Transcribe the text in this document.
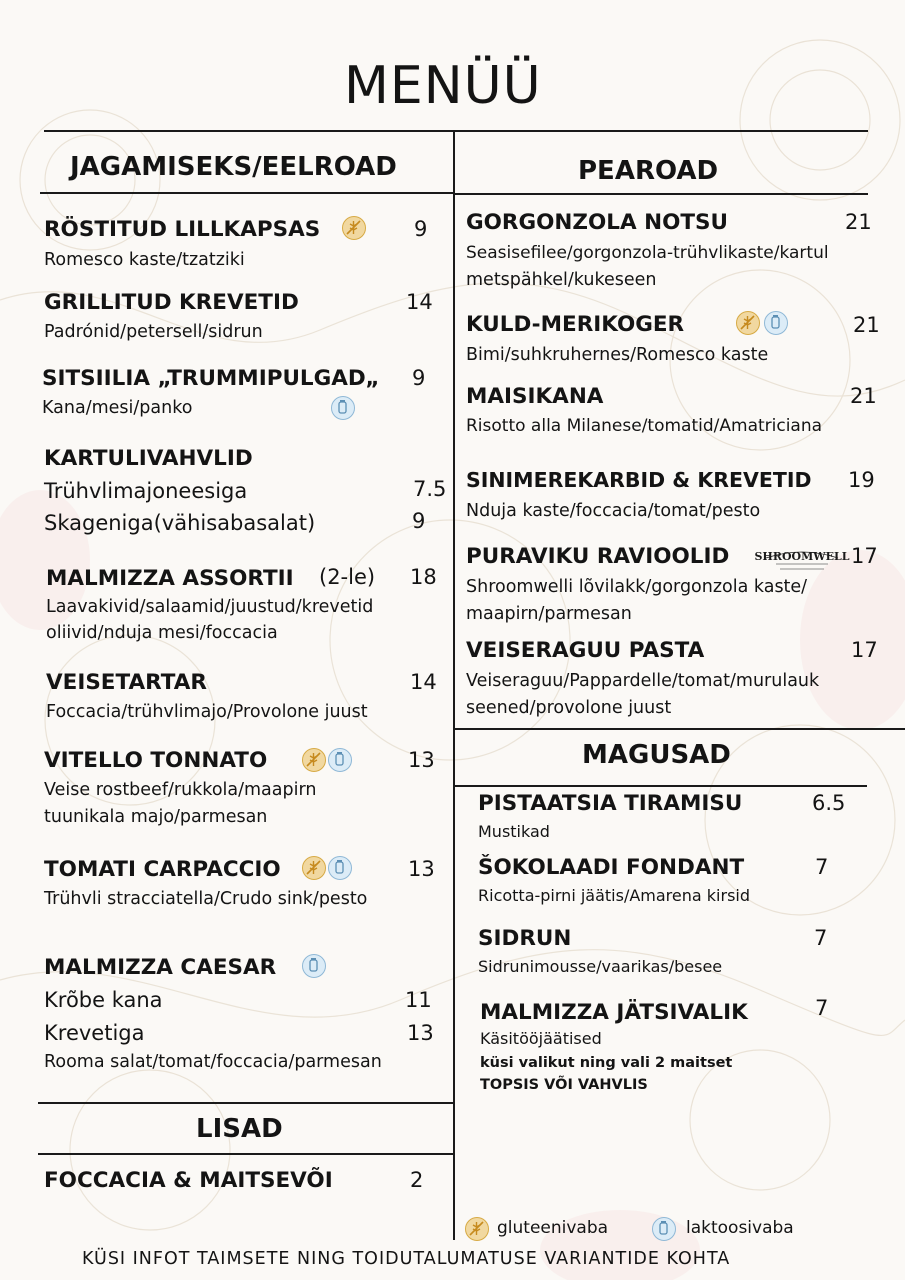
MENÜÜ
JAGAMISEKS/EELROAD	PEAROAD
MAGUSAD
LISAD
RÖSTITUD LILLKAPSAS	9
Romesco kaste/tzatziki
GRILLITUD KREVETID	14
Padrónid/petersell/sidrun
SITSIILIA „TRUMMIPULGAD„ 9
Kana/mesi/panko
KARTULIVAHVLID
Trühvlimajoneesiga	7.5
Skageniga(vähisabasalat)	9
MALMIZZA ASSORTII (2-le) 18
Laavakivid/salaamid/juustud/krevetid
oliivid/nduja mesi/foccacia
VEISETARTAR	14
Foccacia/trühvlimajo/Provolone juust
VITELLO TONNATO	13
Veise rostbeef/rukkola/maapirn
tuunikala majo/parmesan
TOMATI CARPACCIO	13
Trühvli stracciatella/Crudo sink/pesto
MALMIZZA CAESAR
Krõbe kana	11
Krevetiga	13
Rooma salat/tomat/foccacia/parmesan
FOCCACIA & MAITSEVÕI	2
GORGONZOLA NOTSU	21
Seasisefilee/gorgonzola-trühvlikaste/kartul
metspähkel/kukeseen
KULD-MERIKOGER	21
Bimi/suhkruhernes/Romesco kaste
MAISIKANA	21
Risotto alla Milanese/tomatid/Amatriciana
SINIMEREKARBID & KREVETID 19
Nduja kaste/foccacia/tomat/pesto
PURAVIKU RAVIOOLID SHROOMWELL 17
Shroomwelli lõvilakk/gorgonzola kaste/
maapirn/parmesan
VEISERAGUU PASTA	17
Veiseraguu/Pappardelle/tomat/murulauk
seened/provolone juust
PISTAATSIA TIRAMISU	6.5
Mustikad
ŠOKOLAADI FONDANT	7
Ricotta-pirni jäätis/Amarena kirsid
SIDRUN	7
Sidrunimousse/vaarikas/besee
MALMIZZA JÄTSIVALIK	7
Käsitööjäätised
küsi valikut ning vali 2 maitset
TOPSIS VÕI VAHVLIS
gluteenivaba	laktoosivaba
KÜSI INFOT TAIMSETE NING TOIDUTALUMATUSE VARIANTIDE KOHTA
